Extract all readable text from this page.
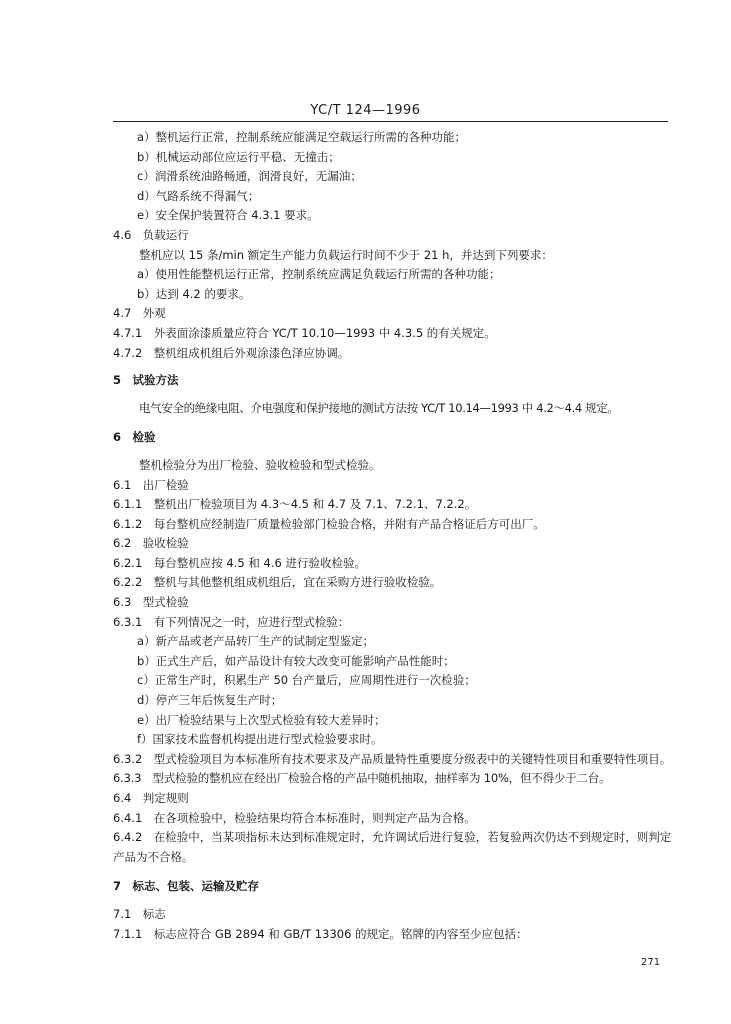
YC/T 124—1996
a）整机运行正常，控制系统应能满足空载运行所需的各种功能；
b）机械运动部位应运行平稳、无撞击；
c）润滑系统油路畅通，润滑良好，无漏油；
d）气路系统不得漏气；
e）安全保护装置符合 4.3.1 要求。
4.6　负载运行
整机应以 15 条/min 额定生产能力负载运行时间不少于 21 h，并达到下列要求：
a）使用性能整机运行正常，控制系统应满足负载运行所需的各种功能；
b）达到 4.2 的要求。
4.7　外观
4.7.1　外表面涂漆质量应符合 YC/T 10.10—1993 中 4.3.5 的有关规定。
4.7.2　整机组成机组后外观涂漆色泽应协调。
5　试验方法
电气安全的绝缘电阻、介电强度和保护接地的测试方法按 YC/T 10.14—1993 中 4.2～4.4 规定。
6　检验
整机检验分为出厂检验、验收检验和型式检验。
6.1　出厂检验
6.1.1　整机出厂检验项目为 4.3～4.5 和 4.7 及 7.1、7.2.1、7.2.2。
6.1.2　每台整机应经制造厂质量检验部门检验合格，并附有产品合格证后方可出厂。
6.2　验收检验
6.2.1　每台整机应按 4.5 和 4.6 进行验收检验。
6.2.2　整机与其他整机组成机组后，宜在采购方进行验收检验。
6.3　型式检验
6.3.1　有下列情况之一时，应进行型式检验：
a）新产品或老产品转厂生产的试制定型鉴定；
b）正式生产后，如产品设计有较大改变可能影响产品性能时；
c）正常生产时，积累生产 50 台产量后，应周期性进行一次检验；
d）停产三年后恢复生产时；
e）出厂检验结果与上次型式检验有较大差异时；
f）国家技术监督机构提出进行型式检验要求时。
6.3.2　型式检验项目为本标准所有技术要求及产品质量特性重要度分级表中的关键特性项目和重要特性项目。
6.3.3　型式检验的整机应在经出厂检验合格的产品中随机抽取，抽样率为 10%，但不得少于二台。
6.4　判定规则
6.4.1　在各项检验中，检验结果均符合本标准时，则判定产品为合格。
6.4.2　在检验中，当某项指标未达到标准规定时，允许调试后进行复验，若复验两次仍达不到规定时，则判定产品为不合格。
7　标志、包装、运输及贮存
7.1　标志
7.1.1　标志应符合 GB 2894 和 GB/T 13306 的规定。铭牌的内容至少应包括：
271
